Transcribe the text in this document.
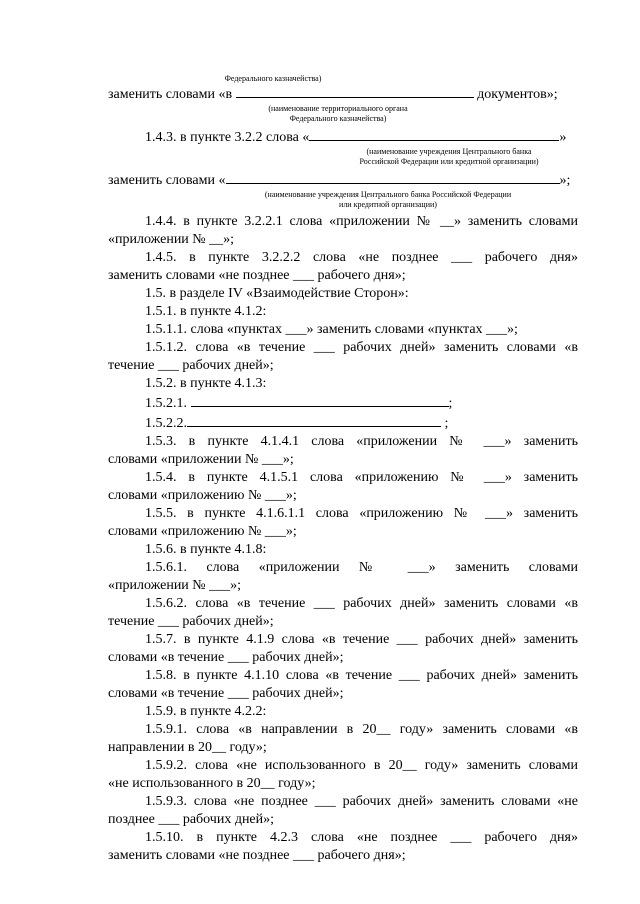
Федерального казначейства)
заменить словами «в	документов»;
(наименование территориального органа
Федерального казначейства)
1.4.3. в пункте 3.2.2 слова «	»
(наименование учреждения Центрального банка
Российской Федерации или кредитной организации)
заменить словами «	»;
(наименование учреждения Центрального банка Российской Федерации
или кредитной организации)
1.4.4. в пункте 3.2.2.1 слова «приложении № __» заменить словами
«приложении № __»;
1.4.5. в пункте 3.2.2.2 слова «не позднее ___ рабочего дня»
заменить словами «не позднее ___ рабочего дня»;
1.5. в разделе IV «Взаимодействие Сторон»:
1.5.1. в пункте 4.1.2:
1.5.1.1. слова «пунктах ___» заменить словами «пунктах ___»;
1.5.1.2. слова «в течение ___ рабочих дней» заменить словами «в
течение ___ рабочих дней»;
1.5.2. в пункте 4.1.3:
1.5.2.1.	;
1.5.2.2.	;
1.5.3. в пункте 4.1.4.1 слова «приложении № ___» заменить
словами «приложении № ___»;
1.5.4. в пункте 4.1.5.1 слова «приложению № ___» заменить
словами «приложению № ___»;
1.5.5. в пункте 4.1.6.1.1 слова «приложению № ___» заменить
словами «приложению № ___»;
1.5.6. в пункте 4.1.8:
1.5.6.1. слова «приложении № ___» заменить словами
«приложении № ___»;
1.5.6.2. слова «в течение ___ рабочих дней» заменить словами «в
течение ___ рабочих дней»;
1.5.7. в пункте 4.1.9 слова «в течение ___ рабочих дней» заменить
словами «в течение ___ рабочих дней»;
1.5.8. в пункте 4.1.10 слова «в течение ___ рабочих дней» заменить
словами «в течение ___ рабочих дней»;
1.5.9. в пункте 4.2.2:
1.5.9.1. слова «в направлении в 20__ году» заменить словами «в
направлении в 20__ году»;
1.5.9.2. слова «не использованного в 20__ году» заменить словами
«не использованного в 20__ году»;
1.5.9.3. слова «не позднее ___ рабочих дней» заменить словами «не
позднее ___ рабочих дней»;
1.5.10. в пункте 4.2.3 слова «не позднее ___ рабочего дня»
заменить словами «не позднее ___ рабочего дня»;
